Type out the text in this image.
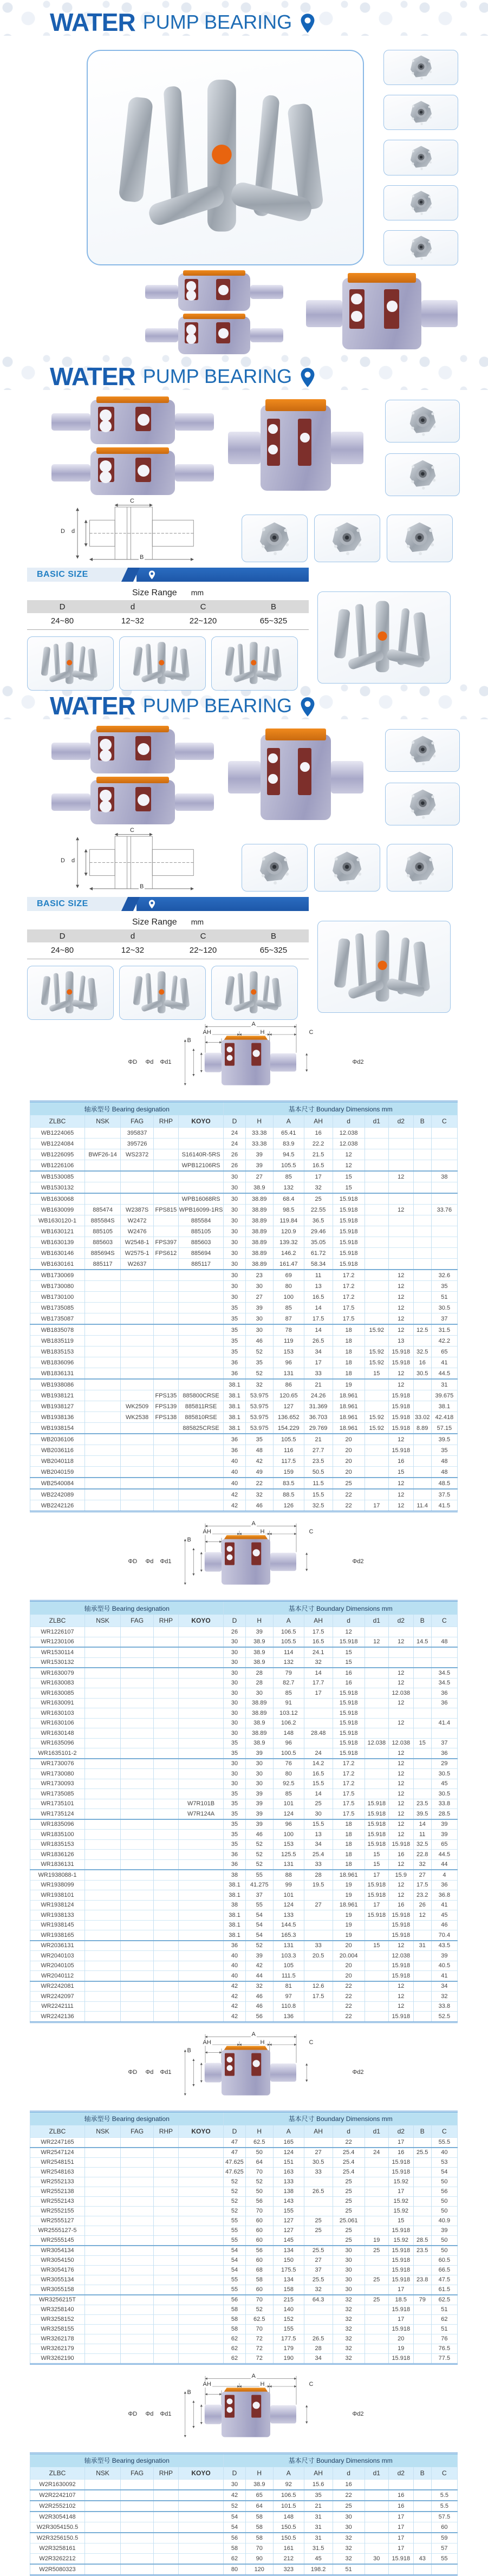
WATER PUMP BEARING
WATER PUMP BEARING
C
D d
B
BASIC SIZE
Size Range mm
D	d	C	B
24~80	12~32	22~120	65~325
WATER PUMP BEARING
C
D d
B
BASIC SIZE
Size Range mm
D	d	C	B
24~80	12~32	22~120	65~325
A
AH	H	C
B
ΦD Φd Φd1	Φd2
轴承型号 Bearing designation					基本尺寸 Boundary Dimensions mm								
ZLBC	NSK	FAG	RHP	KOYO	D	H	A	AH	d	d1	d2	B	C
WB1224065		395837			24	33.38	65.41	16	12.038				
WB1224084		395726			24	33.38	83.9	22.2	12.038				
WB1226095	BWF26-14	WS2372		S16140R-5RS	26	39	94.5	21.5	12				
WB1226106				WPB12106RS	26	39	105.5	16.5	12				
WB1530085					30	27	85	17	15		12		38
WB1530132					30	38.9	132	32	15				
WB1630068				WPB16068RS	30	38.89	68.4	25	15.918				
WB1630099	885474	W2387S	FPS815	WPB16099-1RS	30	38.89	98.5	22.55	15.918		12		33.76
WB1630120-1	885584S	W2472		885584	30	38.89	119.84	36.5	15.918				
WB1630121	885105	W2476		885105	30	38.89	120.9	29.46	15.918				
WB1630139	885603	W2548-1	FPS397	885603	30	38.89	139.32	35.05	15.918				
WB1630146	885694S	W2575-1	FPS612	885694	30	38.89	146.2	61.72	15.918				
WB1630161	885117	W2637		885117	30	38.89	161.47	58.34	15.918				
WB1730069					30	23	69	11	17.2		12		32.6
WB1730080					30	30	80	13	17.2		12		35
WB1730100					30	27	100	16.5	17.2		12		51
WB1735085					35	39	85	14	17.5		12		30.5
WB1735087					35	30	87	17.5	17.5		12		37
WB1835078					35	30	78	14	18	15.92	12	12.5	31.5
WB1835119					35	46	119	26.5	18		13		42.2
WB1835153					35	52	153	34	18	15.92	15.918	32.5	65
WB1836096					36	35	96	17	18	15.92	15.918	16	41
WB1836131					36	52	131	33	18	15	12	30.5	44.5
WB1938086					38.1	32	86	21	19		12		31
WB1938121			FPS135	885800CRSE	38.1	53.975	120.65	24.26	18.961		15.918		39.675
WB1938127		WK2509	FPS139	885811RSE	38.1	53.975	127	31.369	18.961		15.918		38.1
WB1938136		WK2538	FPS138	885810RSE	38.1	53.975	136.652	36.703	18.961	15.92	15.918	33.02	42.418
WB1938154				885825CRSE	38.1	53.975	154.229	29.769	18.961	15.92	15.918	8.89	57.15
WB2036106					36	35	105.5	21	20		12		39.5
WB2036116					36	48	116	27.7	20		15.918		35
WB2040118					40	42	117.5	23.5	20		16		48
WB2040159					40	49	159	50.5	20		15		48
WB2540084					40	22	83.5	11.5	25		12		48.5
WB2242089					42	32	88.5	15.5	22		12		37.5
WB2242126					42	46	126	32.5	22	17	12	11.4	41.5
A
AH	H	C
B
ΦD Φd Φd1	Φd2
轴承型号 Bearing designation					基本尺寸 Boundary Dimensions mm								
ZLBC	NSK	FAG	RHP	KOYO	D	H	A	AH	d	d1	d2	B	C
WR1226107					26	39	106.5	17.5	12				
WR1230106					30	38.9	105.5	16.5	15.918	12	12	14.5	48
WR1530114					30	38.9	114	24.1	15				
WR1530132					30	38.9	132	32	15				
WR1630079					30	28	79	14	16		12		34.5
WR1630083					30	28	82.7	17.7	16		12		34.5
WR1630085					30	30	85	17	15.918		12.038		36
WR1630091					30	38.89	91		15.918		12		36
WR1630103					30	38.89	103.12		15.918				
WR1630106					30	38.9	106.2		15.918		12		41.4
WR1630148					30	38.89	148	28.48	15.918				
WR1635096					35	38.9	96		15.918	12.038	12.038	15	37
WR1635101-2					35	39	100.5	24	15.918		12		36
WR1730076					30	30	76	14.2	17.2		12		29
WR1730080					30	30	80	16.5	17.2		12		30.5
WR1730093					30	30	92.5	15.5	17.2		12		45
WR1735085					35	39	85	14	17.5		12		30.5
WR1735101				W7R101B	35	39	101	25	17.5	15.918	12	23.5	33.8
WR1735124				W7R124A	35	39	124	30	17.5	15.918	12	39.5	28.5
WR1835096					35	39	96	15.5	18	15.918	12	14	39
WR1835100					35	46	100	13	18	15.918	12	11	39
WR1835153					35	52	153	34	18	15.918	15.918	32.5	65
WR1836126					36	52	125.5	25.4	18	15	16	22.8	44.5
WR1836131					36	52	131	33	18	15	12	32	44
WR1938088-1					38	55	88	28	18.961	17	15.9	27	4
WR1938099					38.1	41.275	99	19.5	19	15.918	12	17.5	36
WR1938101					38.1	37	101		19	15.918	12	23.2	36.8
WR1938124					38	55	124	27	18.961	17	16	26	41
WR1938133					38.1	54	133		19	15.918	15.918	12	45
WR1938145					38.1	54	144.5		19		15.918		46
WR1938165					38.1	54	165.3		19		15.918		70.4
WR2036131					36	52	131	33	20	15	12	31	43.5
WR2040103					40	39	103.3	20.5	20.004		12.038		39
WR2040105					40	42	105		20		15.918		40.5
WR2040112					40	44	111.5		20		15.918		41
WR2242081					42	32	81	12.6	22		12		34
WR2242097					42	46	97	17.5	22		12		32
WR2242111					42	46	110.8		22		12		33.8
WR2242136					42	56	136		22		15.918		52.5
A
AH	H	C
B
ΦD Φd Φd1	Φd2
轴承型号 Bearing designation					基本尺寸 Boundary Dimensions mm								
ZLBC	NSK	FAG	RHP	KOYO	D	H	A	AH	d	d1	d2	B	C
WR2247165					47	62.5	165		22		17		55.5
WR2547124					47	50	124	27	25.4	24	16	25.5	40
WR2548151					47.625	64	151	30.5	25.4		15.918		53
WR2548163					47.625	70	163	33	25.4		15.918		54
WR2552133					52	52	133		25		15.92		50
WR2552138					52	50	138	26.5	25		17		56
WR2552143					52	56	143		25		15.92		50
WR2552155					52	70	155		25		15.92		50
WR2555127					55	60	127	25	25.061		15		40.9
WR2555127-5					55	60	127	25	25		15.918		39
WR2555145					55	60	145		25	19	15.92	28.5	50
WR3054134					54	56	134	25.5	30	25	15.918	23.5	50
WR3054150					54	60	150	27	30		15.918		60.5
WR3054176					54	68	175.5	37	30		15.918		66.5
WR3055134					55	58	134	25.5	30	25	15.918	23.8	47.5
WR3055158					55	60	158	32	30		17		61.5
WR3256215T					56	70	215	64.3	32	25	18.5	79	62.5
WR3258140					58	52	140		32		15.918		51
WR3258152					58	62.5	152		32		17		62
WR3258155					58	70	155		32		15.918		51
WR3262178					62	72	177.5	26.5	32		20		76
WR3262179					62	72	179	28	32		19		76.5
WR3262190					62	72	190	34	32		15.918		77.5
A
AH	H	C
B
ΦD Φd Φd1	Φd2
轴承型号 Bearing designation					基本尺寸 Boundary Dimensions mm								
ZLBC	NSK	FAG	RHP	KOYO	D	H	A	AH	d	d1	d2	B	C
W2R1630092					30	38.9	92	15.6	16				
W2R2242107					42	65	106.5	35	22		16		5.5
W2R2552102					52	64	101.5	21	25		16		5.5
W2R3054148					54	58	148	31	30		17		57.5
W2R3054150.5					54	58	150.5	31	30		17		60
W2R3256150.5					56	58	150.5	31	32		17		59
W2R3258161					58	70	161	31.5	32		17		57
W2R3262212					62	90	212	45	32	30	15.918	43	55
W2R5080323					80	120	323	198.2	51				
